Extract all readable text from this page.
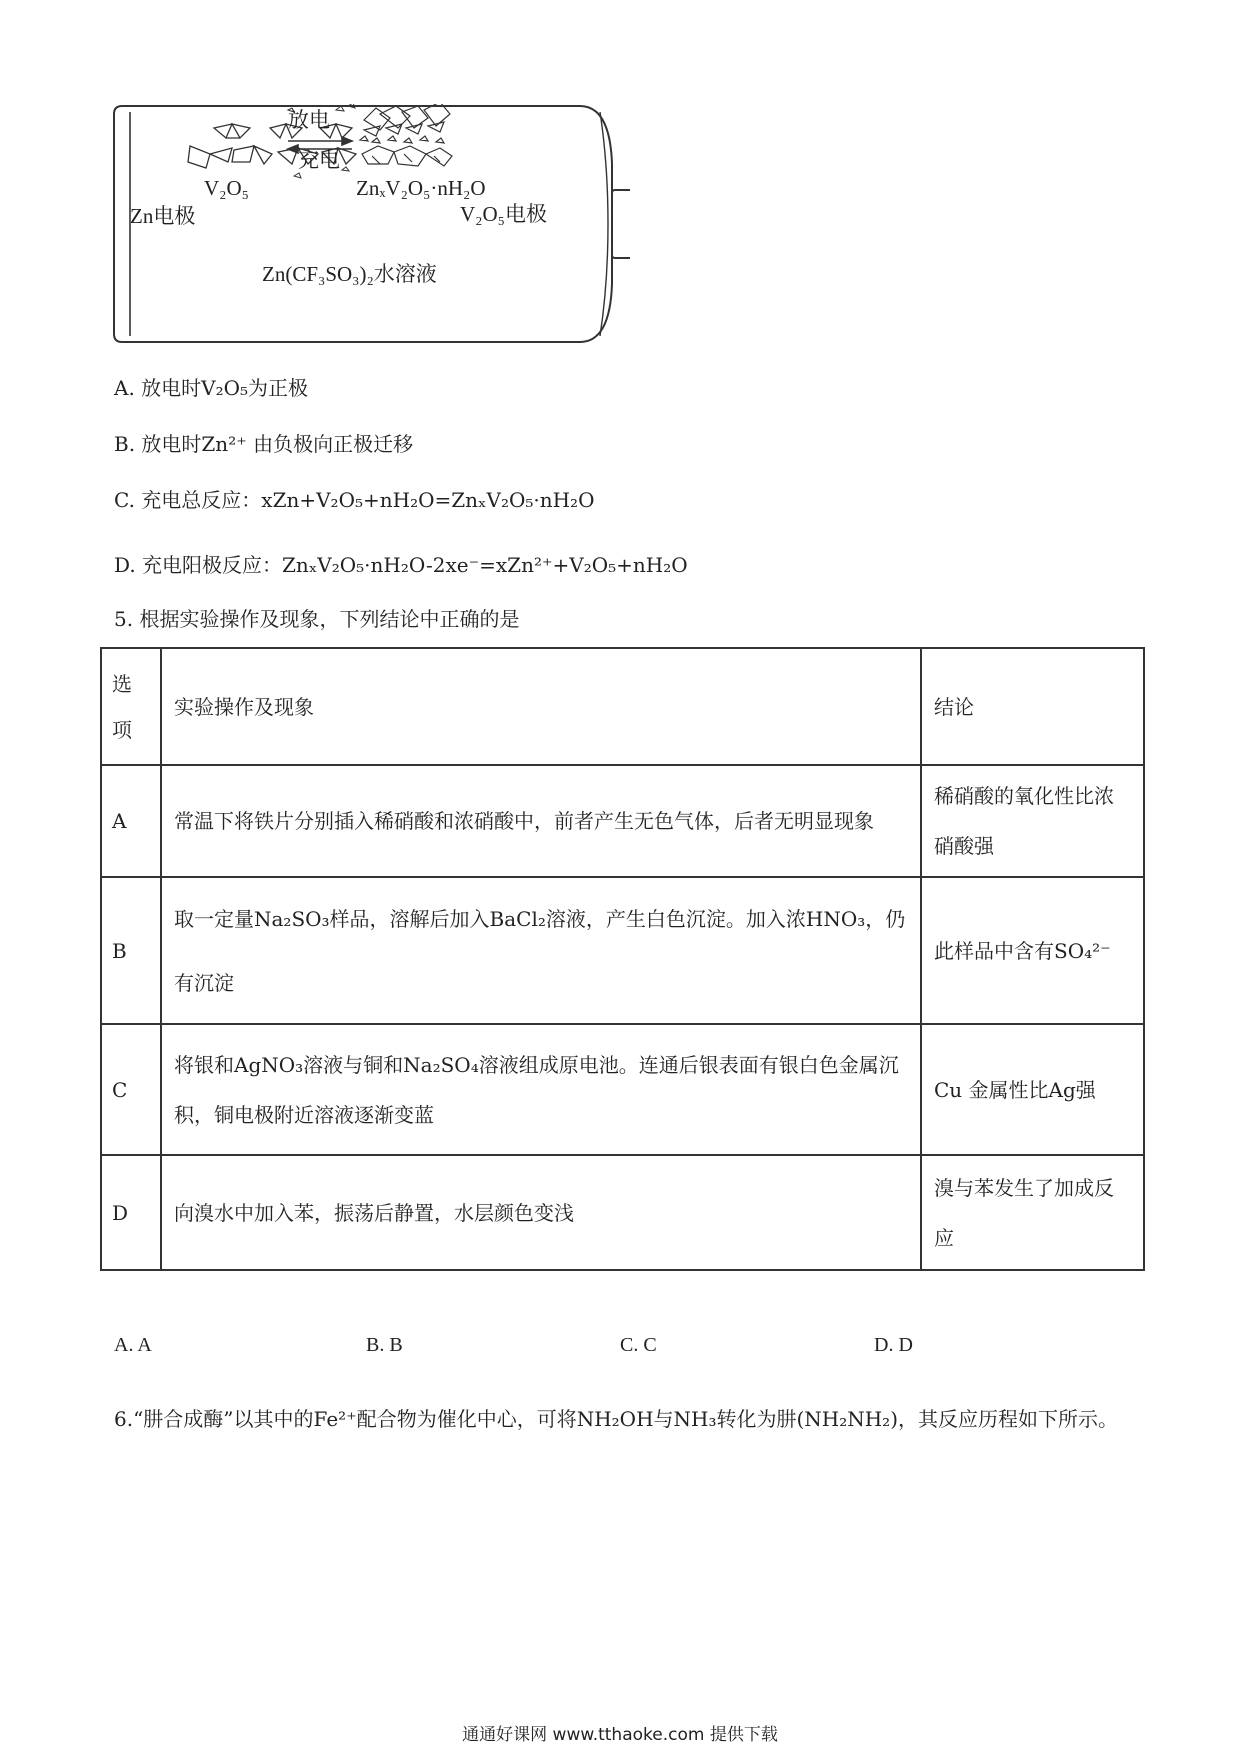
放电
充电
V₂O₅	ZnₓV₂O₅·nH₂O
Zn电极	V₂O₅电极
Zn(CF₃SO₃)₂水溶液
A. 放电时V₂O₅为正极
B. 放电时Zn²⁺ 由负极向正极迁移
C. 充电总反应：xZn+V₂O₅+nH₂O=ZnₓV₂O₅·nH₂O
D. 充电阳极反应：ZnₓV₂O₅·nH₂O-2xe⁻=xZn²⁺+V₂O₅+nH₂O
5. 根据实验操作及现象，下列结论中正确的是
选项	实验操作及现象	结论
A	常温下将铁片分别插入稀硝酸和浓硝酸中，前者产生无色气体，后者无明显现象	稀硝酸的氧化性比浓硝酸强
B	取一定量Na₂SO₃样品，溶解后加入BaCl₂溶液，产生白色沉淀。加入浓HNO₃，仍有沉淀	此样品中含有SO₄²⁻
C	将银和AgNO₃溶液与铜和Na₂SO₄溶液组成原电池。连通后银表面有银白色金属沉积，铜电极附近溶液逐渐变蓝	Cu 金属性比Ag强
D	向溴水中加入苯，振荡后静置，水层颜色变浅	溴与苯发生了加成反应
A. A	B. B	C. C	D. D
6.“肼合成酶”以其中的Fe²⁺配合物为催化中心，可将NH₂OH与NH₃转化为肼(NH₂NH₂)，其反应历程如下所示。
通通好课网 www.tthaoke.com 提供下载
